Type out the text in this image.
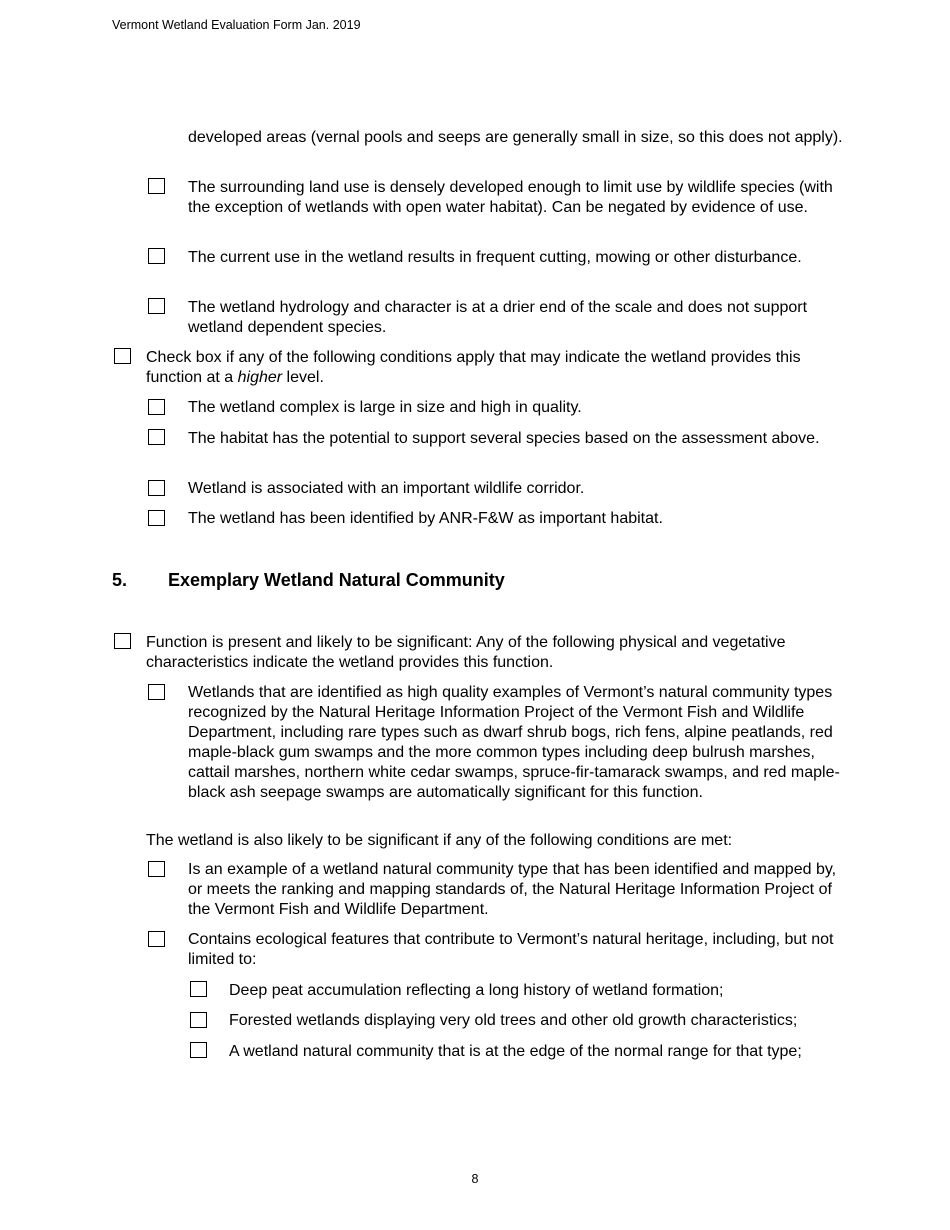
Vermont Wetland Evaluation Form Jan. 2019
developed areas (vernal pools and seeps are generally small in size, so this does not apply).
The surrounding land use is densely developed enough to limit use by wildlife species (with the exception of wetlands with open water habitat). Can be negated by evidence of use.
The current use in the wetland results in frequent cutting, mowing or other disturbance.
The wetland hydrology and character is at a drier end of the scale and does not support wetland dependent species.
Check box if any of the following conditions apply that may indicate the wetland provides this function at a higher level.
The wetland complex is large in size and high in quality.
The habitat has the potential to support several species based on the assessment above.
Wetland is associated with an important wildlife corridor.
The wetland has been identified by ANR-F&W as important habitat.
5. Exemplary Wetland Natural Community
Function is present and likely to be significant: Any of the following physical and vegetative characteristics indicate the wetland provides this function.
Wetlands that are identified as high quality examples of Vermont’s natural community types recognized by the Natural Heritage Information Project of the Vermont Fish and Wildlife Department, including rare types such as dwarf shrub bogs, rich fens, alpine peatlands, red maple-black gum swamps and the more common types including deep bulrush marshes, cattail marshes, northern white cedar swamps, spruce-fir-tamarack swamps, and red maple-black ash seepage swamps are automatically significant for this function.
The wetland is also likely to be significant if any of the following conditions are met:
Is an example of a wetland natural community type that has been identified and mapped by, or meets the ranking and mapping standards of, the Natural Heritage Information Project of the Vermont Fish and Wildlife Department.
Contains ecological features that contribute to Vermont’s natural heritage, including, but not limited to:
Deep peat accumulation reflecting a long history of wetland formation;
Forested wetlands displaying very old trees and other old growth characteristics;
A wetland natural community that is at the edge of the normal range for that type;
8
